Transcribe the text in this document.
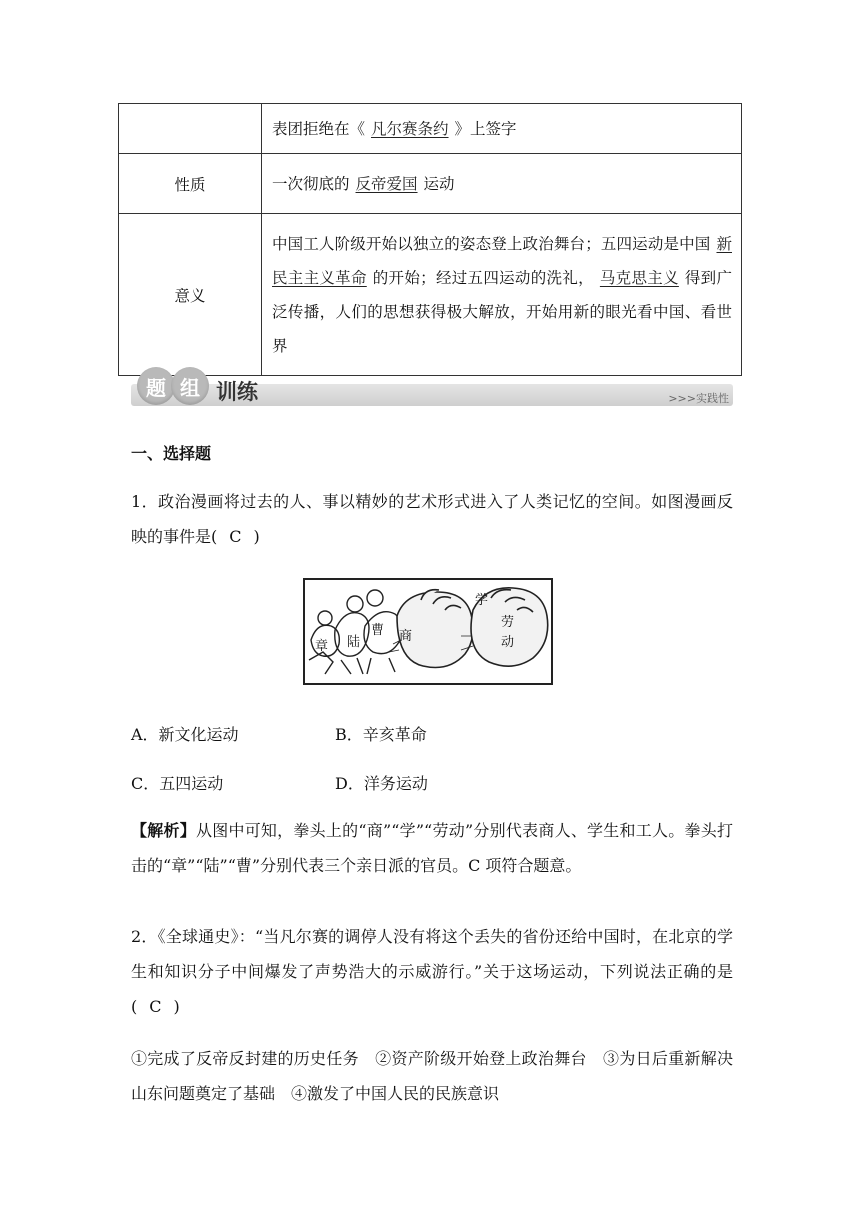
	表团拒绝在《 凡尔赛条约 》上签字
性质	一次彻底的 反帝爱国 运动
意义	中国工人阶级开始以独立的姿态登上政治舞台；五四运动是中国 新民主主义革命 的开始；经过五四运动的洗礼， 马克思主义 得到广泛传播，人们的思想获得极大解放，开始用新的眼光看中国、看世界
题 组 训练	>>>实践性
一、选择题
1．政治漫画将过去的人、事以精妙的艺术形式进入了人类记忆的空间。如图漫画反映的事件是( C )
章 陆
曹 商
学
劳
动
A．新文化运动	B．辛亥革命
C．五四运动	D．洋务运动
【解析】从图中可知，拳头上的“商”“学”“劳动”分别代表商人、学生和工人。拳头打击的“章”“陆”“曹”分别代表三个亲日派的官员。C 项符合题意。
2．《全球通史》：“当凡尔赛的调停人没有将这个丢失的省份还给中国时，在北京的学生和知识分子中间爆发了声势浩大的示威游行。”关于这场运动，下列说法正确的是( C )
①完成了反帝反封建的历史任务　②资产阶级开始登上政治舞台　③为日后重新解决山东问题奠定了基础　④激发了中国人民的民族意识
